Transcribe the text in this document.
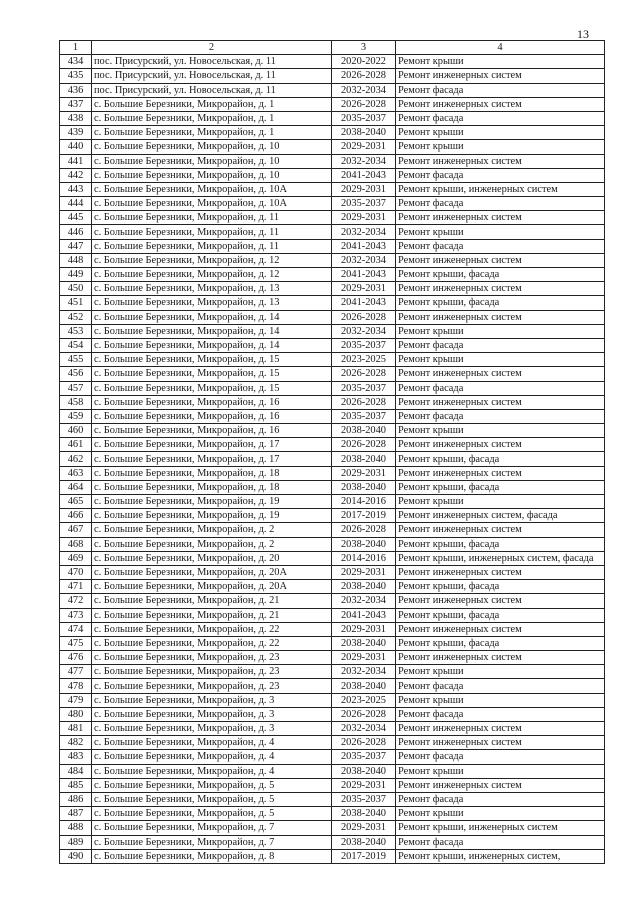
13
1	2	3	4
434	пос. Присурский, ул. Новосельская, д. 11	2020-2022	Ремонт крыши
435	пос. Присурский, ул. Новосельская, д. 11	2026-2028	Ремонт инженерных систем
436	пос. Присурский, ул. Новосельская, д. 11	2032-2034	Ремонт фасада
437	с. Большие Березники, Микрорайон, д. 1	2026-2028	Ремонт инженерных систем
438	с. Большие Березники, Микрорайон, д. 1	2035-2037	Ремонт фасада
439	с. Большие Березники, Микрорайон, д. 1	2038-2040	Ремонт крыши
440	с. Большие Березники, Микрорайон, д. 10	2029-2031	Ремонт крыши
441	с. Большие Березники, Микрорайон, д. 10	2032-2034	Ремонт инженерных систем
442	с. Большие Березники, Микрорайон, д. 10	2041-2043	Ремонт фасада
443	с. Большие Березники, Микрорайон, д. 10А	2029-2031	Ремонт крыши, инженерных систем
444	с. Большие Березники, Микрорайон, д. 10А	2035-2037	Ремонт фасада
445	с. Большие Березники, Микрорайон, д. 11	2029-2031	Ремонт инженерных систем
446	с. Большие Березники, Микрорайон, д. 11	2032-2034	Ремонт крыши
447	с. Большие Березники, Микрорайон, д. 11	2041-2043	Ремонт фасада
448	с. Большие Березники, Микрорайон, д. 12	2032-2034	Ремонт инженерных систем
449	с. Большие Березники, Микрорайон, д. 12	2041-2043	Ремонт крыши, фасада
450	с. Большие Березники, Микрорайон, д. 13	2029-2031	Ремонт инженерных систем
451	с. Большие Березники, Микрорайон, д. 13	2041-2043	Ремонт крыши, фасада
452	с. Большие Березники, Микрорайон, д. 14	2026-2028	Ремонт инженерных систем
453	с. Большие Березники, Микрорайон, д. 14	2032-2034	Ремонт крыши
454	с. Большие Березники, Микрорайон, д. 14	2035-2037	Ремонт фасада
455	с. Большие Березники, Микрорайон, д. 15	2023-2025	Ремонт крыши
456	с. Большие Березники, Микрорайон, д. 15	2026-2028	Ремонт инженерных систем
457	с. Большие Березники, Микрорайон, д. 15	2035-2037	Ремонт фасада
458	с. Большие Березники, Микрорайон, д. 16	2026-2028	Ремонт инженерных систем
459	с. Большие Березники, Микрорайон, д. 16	2035-2037	Ремонт фасада
460	с. Большие Березники, Микрорайон, д. 16	2038-2040	Ремонт крыши
461	с. Большие Березники, Микрорайон, д. 17	2026-2028	Ремонт инженерных систем
462	с. Большие Березники, Микрорайон, д. 17	2038-2040	Ремонт крыши, фасада
463	с. Большие Березники, Микрорайон, д. 18	2029-2031	Ремонт инженерных систем
464	с. Большие Березники, Микрорайон, д. 18	2038-2040	Ремонт крыши, фасада
465	с. Большие Березники, Микрорайон, д. 19	2014-2016	Ремонт крыши
466	с. Большие Березники, Микрорайон, д. 19	2017-2019	Ремонт инженерных систем, фасада
467	с. Большие Березники, Микрорайон, д. 2	2026-2028	Ремонт инженерных систем
468	с. Большие Березники, Микрорайон, д. 2	2038-2040	Ремонт крыши, фасада
469	с. Большие Березники, Микрорайон, д. 20	2014-2016	Ремонт крыши, инженерных систем, фасада
470	с. Большие Березники, Микрорайон, д. 20А	2029-2031	Ремонт инженерных систем
471	с. Большие Березники, Микрорайон, д. 20А	2038-2040	Ремонт крыши, фасада
472	с. Большие Березники, Микрорайон, д. 21	2032-2034	Ремонт инженерных систем
473	с. Большие Березники, Микрорайон, д. 21	2041-2043	Ремонт крыши, фасада
474	с. Большие Березники, Микрорайон, д. 22	2029-2031	Ремонт инженерных систем
475	с. Большие Березники, Микрорайон, д. 22	2038-2040	Ремонт крыши, фасада
476	с. Большие Березники, Микрорайон, д. 23	2029-2031	Ремонт инженерных систем
477	с. Большие Березники, Микрорайон, д. 23	2032-2034	Ремонт крыши
478	с. Большие Березники, Микрорайон, д. 23	2038-2040	Ремонт фасада
479	с. Большие Березники, Микрорайон, д. 3	2023-2025	Ремонт крыши
480	с. Большие Березники, Микрорайон, д. 3	2026-2028	Ремонт фасада
481	с. Большие Березники, Микрорайон, д. 3	2032-2034	Ремонт инженерных систем
482	с. Большие Березники, Микрорайон, д. 4	2026-2028	Ремонт инженерных систем
483	с. Большие Березники, Микрорайон, д. 4	2035-2037	Ремонт фасада
484	с. Большие Березники, Микрорайон, д. 4	2038-2040	Ремонт крыши
485	с. Большие Березники, Микрорайон, д. 5	2029-2031	Ремонт инженерных систем
486	с. Большие Березники, Микрорайон, д. 5	2035-2037	Ремонт фасада
487	с. Большие Березники, Микрорайон, д. 5	2038-2040	Ремонт крыши
488	с. Большие Березники, Микрорайон, д. 7	2029-2031	Ремонт крыши, инженерных систем
489	с. Большие Березники, Микрорайон, д. 7	2038-2040	Ремонт фасада
490	с. Большие Березники, Микрорайон, д. 8	2017-2019	Ремонт крыши, инженерных систем,
